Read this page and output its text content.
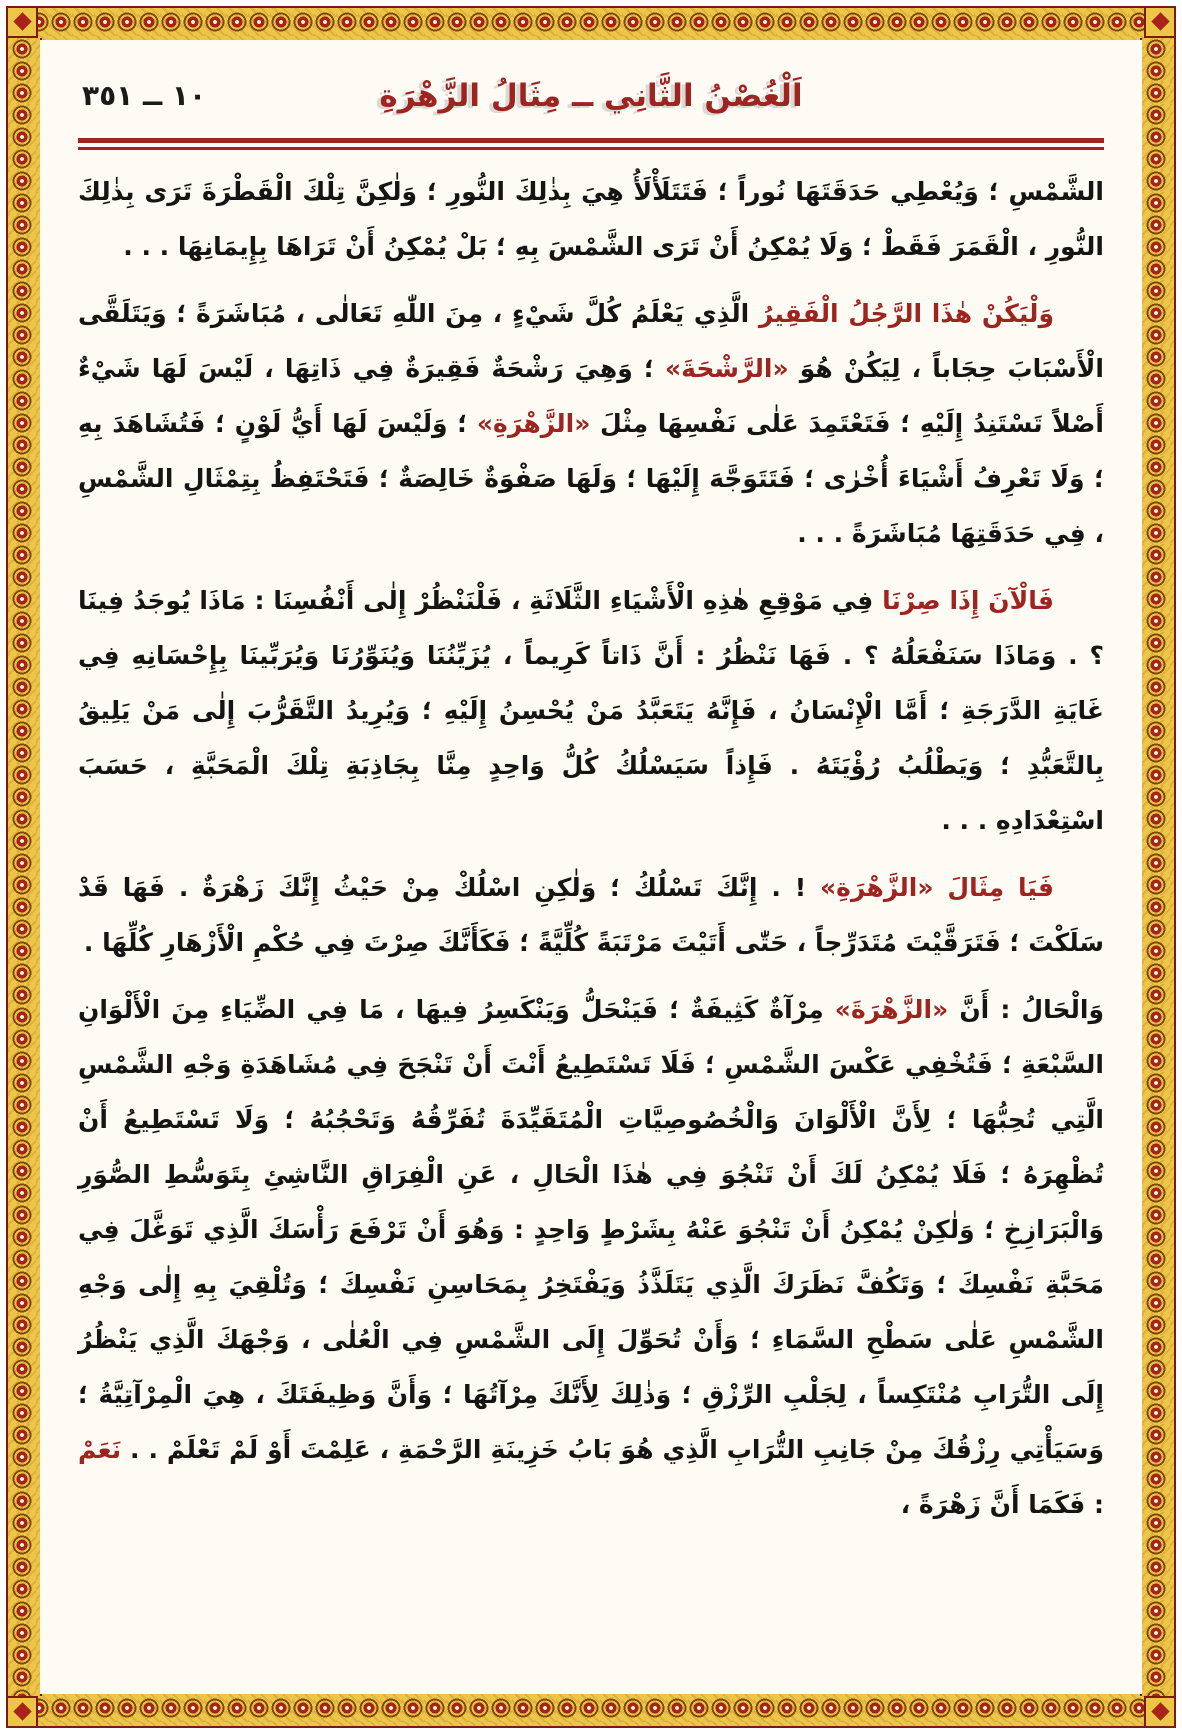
١٠ ــ ٣٥١	اَلْغُصْنُ الثَّانِي ــ مِثَالُ الزَّهْرَةِ

الشَّمْسِ ؛ وَيُعْطِي حَدَقَتَهَا نُوراً ؛ فَتَتَلَأْلَأُ هِيَ بِذٰلِكَ النُّورِ ؛ وَلٰكِنَّ تِلْكَ الْقَطْرَةَ تَرَى بِذٰلِكَ النُّورِ ، الْقَمَرَ فَقَطْ ؛ وَلَا يُمْكِنُ أَنْ تَرَى الشَّمْسَ بِهِ ؛ بَلْ يُمْكِنُ أَنْ تَرَاهَا بِإِيمَانِهَا . . .

وَلْيَكُنْ هٰذَا الرَّجُلُ الْفَقِيرُ الَّذِي يَعْلَمُ كُلَّ شَيْءٍ ، مِنَ اللّٰهِ تَعَالٰى ، مُبَاشَرَةً ؛ وَيَتَلَقَّى الْأَسْبَابَ حِجَاباً ، لِيَكُنْ هُوَ «الرَّشْحَةَ» ؛ وَهِيَ رَشْحَةٌ فَقِيرَةٌ فِي ذَاتِهَا ، لَيْسَ لَهَا شَيْءٌ أَصْلاً تَسْتَنِدُ إِلَيْهِ ؛ فَتَعْتَمِدَ عَلٰى نَفْسِهَا مِثْلَ «الزَّهْرَةِ» ؛ وَلَيْسَ لَهَا أَيُّ لَوْنٍ ؛ فَتُشَاهَدَ بِهِ ؛ وَلَا تَعْرِفُ أَشْيَاءَ أُخْرٰى ؛ فَتَتَوَجَّهَ إِلَيْهَا ؛ وَلَهَا صَفْوَةٌ خَالِصَةٌ ؛ فَتَحْتَفِظُ بِتِمْثَالِ الشَّمْسِ ، فِي حَدَقَتِهَا مُبَاشَرَةً . . .

فَالْآنَ إِذَا صِرْنَا فِي مَوْقِعِ هٰذِهِ الْأَشْيَاءِ الثَّلَاثَةِ ، فَلْنَنْظُرْ إِلٰى أَنْفُسِنَا : مَاذَا يُوجَدُ فِينَا ؟ . وَمَاذَا سَنَفْعَلُهُ ؟ . فَهَا نَنْظُرُ : أَنَّ ذَاتاً كَرِيماً ، يُزَيِّنُنَا وَيُنَوِّرُنَا وَيُرَبِّينَا بِإِحْسَانِهِ فِي غَايَةِ الدَّرَجَةِ ؛ أَمَّا الْإِنْسَانُ ، فَإِنَّهُ يَتَعَبَّدُ مَنْ يُحْسِنُ إِلَيْهِ ؛ وَيُرِيدُ التَّقَرُّبَ إِلٰى مَنْ يَلِيقُ بِالتَّعَبُّدِ ؛ وَيَطْلُبُ رُؤْيَتَهُ . فَإِذاً سَيَسْلُكُ كُلُّ وَاحِدٍ مِنَّا بِجَاذِبَةِ تِلْكَ الْمَحَبَّةِ ، حَسَبَ اسْتِعْدَادِهِ . . .

فَيَا مِثَالَ «الزَّهْرَةِ» ! . إِنَّكَ تَسْلُكُ ؛ وَلٰكِنِ اسْلُكْ مِنْ حَيْثُ إِنَّكَ زَهْرَةٌ . فَهَا قَدْ سَلَكْتَ ؛ فَتَرَقَّيْتَ مُتَدَرِّجاً ، حَتّٰى أَتَيْتَ مَرْتَبَةً كُلِّيَّةً ؛ فَكَأَنَّكَ صِرْتَ فِي حُكْمِ الْأَزْهَارِ كُلِّهَا .

وَالْحَالُ : أَنَّ «الزَّهْرَةَ» مِرْآةٌ كَثِيفَةٌ ؛ فَيَنْحَلُّ وَيَنْكَسِرُ فِيهَا ، مَا فِي الضِّيَاءِ مِنَ الْأَلْوَانِ السَّبْعَةِ ؛ فَتُخْفِي عَكْسَ الشَّمْسِ ؛ فَلَا تَسْتَطِيعُ أَنْتَ أَنْ تَنْجَحَ فِي مُشَاهَدَةِ وَجْهِ الشَّمْسِ الَّتِي تُحِبُّهَا ؛ لِأَنَّ الْأَلْوَانَ وَالْخُصُوصِيَّاتِ الْمُتَقَيِّدَةَ تُفَرِّقُهُ وَتَحْجُبُهُ ؛ وَلَا تَسْتَطِيعُ أَنْ تُظْهِرَهُ ؛ فَلَا يُمْكِنُ لَكَ أَنْ تَنْجُوَ فِي هٰذَا الْحَالِ ، عَنِ الْفِرَاقِ النَّاشِئِ بِتَوَسُّطِ الصُّوَرِ وَالْبَرَازِخِ ؛ وَلٰكِنْ يُمْكِنُ أَنْ تَنْجُوَ عَنْهُ بِشَرْطٍ وَاحِدٍ : وَهُوَ أَنْ تَرْفَعَ رَأْسَكَ الَّذِي تَوَغَّلَ فِي مَحَبَّةِ نَفْسِكَ ؛ وَتَكُفَّ نَظَرَكَ الَّذِي يَتَلَذَّذُ وَيَفْتَخِرُ بِمَحَاسِنِ نَفْسِكَ ؛ وَتُلْقِيَ بِهِ إِلٰى وَجْهِ الشَّمْسِ عَلٰى سَطْحِ السَّمَاءِ ؛ وَأَنْ تُحَوِّلَ إِلَى الشَّمْسِ فِي الْعُلٰى ، وَجْهَكَ الَّذِي يَنْظُرُ إِلَى التُّرَابِ مُنْتَكِساً ، لِجَلْبِ الرِّزْقِ ؛ وَذٰلِكَ لِأَنَّكَ مِرْآتُهَا ؛ وَأَنَّ وَظِيفَتَكَ ، هِيَ الْمِرْآتِيَّةُ ؛ وَسَيَأْتِي رِزْقُكَ مِنْ جَانِبِ التُّرَابِ الَّذِي هُوَ بَابُ خَزِينَةِ الرَّحْمَةِ ، عَلِمْتَ أَوْ لَمْ تَعْلَمْ . . نَعَمْ : فَكَمَا أَنَّ زَهْرَةً ،
